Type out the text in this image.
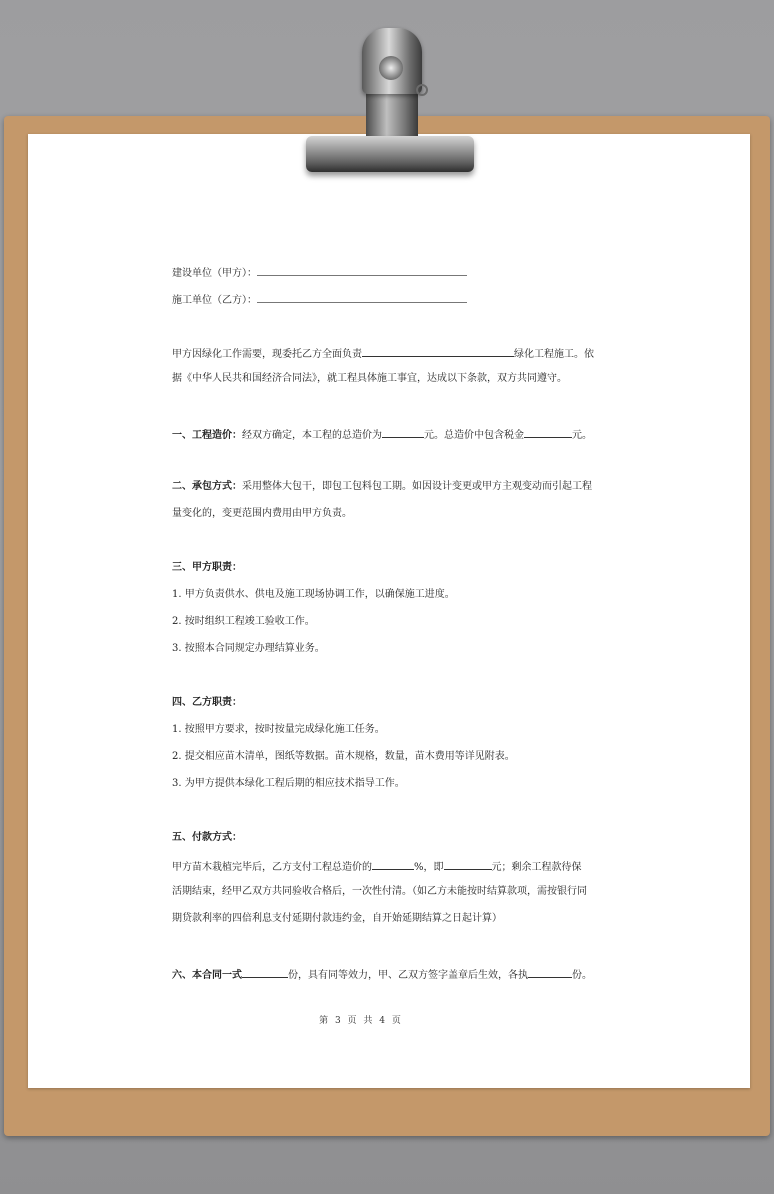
建设单位（甲方）：
施工单位（乙方）：
甲方因绿化工作需要，现委托乙方全面负责	绿化工程施工。依
据《中华人民共和国经济合同法》，就工程具体施工事宜，达成以下条款，双方共同遵守。
一、工程造价：经双方确定，本工程的总造价为	元。总造价中包含税金	元。
二、承包方式：采用整体大包干，即包工包料包工期。如因设计变更或甲方主观变动而引起工程
量变化的，变更范围内费用由甲方负责。
三、甲方职责：
1. 甲方负责供水、供电及施工现场协调工作，以确保施工进度。
2. 按时组织工程竣工验收工作。
3. 按照本合同规定办理结算业务。
四、乙方职责：
1. 按照甲方要求，按时按量完成绿化施工任务。
2. 提交相应苗木清单，图纸等数据。苗木规格，数量，苗木费用等详见附表。
3. 为甲方提供本绿化工程后期的相应技术指导工作。
五、付款方式：
甲方苗木栽植完毕后，乙方支付工程总造价的	%，即	元；剩余工程款待保
活期结束，经甲乙双方共同验收合格后，一次性付清。（如乙方未能按时结算款项，需按银行同
期贷款利率的四倍利息支付延期付款违约金，自开始延期结算之日起计算）
六、本合同一式	份，具有同等效力，甲、乙双方签字盖章后生效，各执	份。
第 3 页 共 4 页
